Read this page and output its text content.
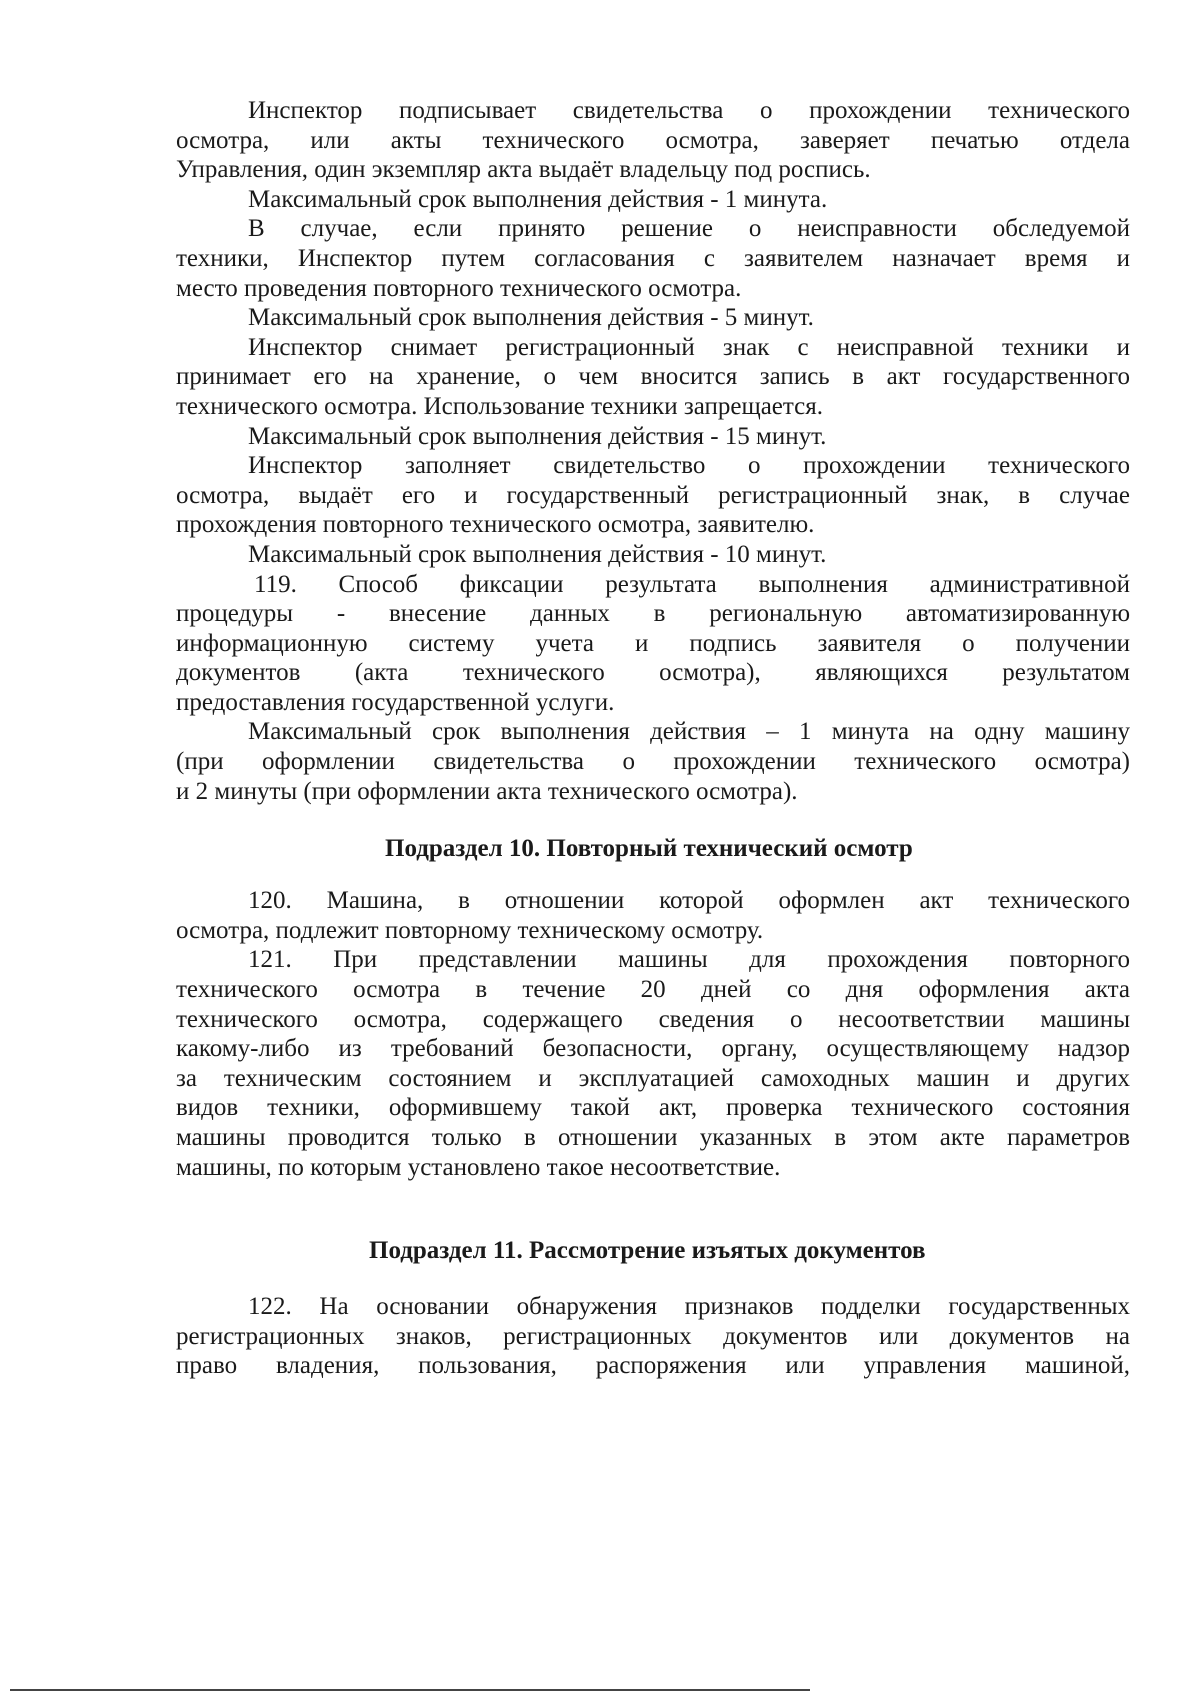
Инспектор подписывает свидетельства о прохождении технического
осмотра, или акты технического осмотра, заверяет печатью отдела
Управления, один экземпляр акта выдаёт владельцу под роспись.
Максимальный срок выполнения действия - 1 минута.
В случае, если принято решение о неисправности обследуемой
техники, Инспектор путем согласования с заявителем назначает время и
место проведения повторного технического осмотра.
Максимальный срок выполнения действия - 5 минут.
Инспектор снимает регистрационный знак с неисправной техники и
принимает его на хранение, о чем вносится запись в акт государственного
технического осмотра. Использование техники запрещается.
Максимальный срок выполнения действия - 15 минут.
Инспектор заполняет свидетельство о прохождении технического
осмотра, выдаёт его и государственный регистрационный знак, в случае
прохождения повторного технического осмотра, заявителю.
Максимальный срок выполнения действия - 10 минут.
119. Способ фиксации результата выполнения административной
процедуры - внесение данных в региональную автоматизированную
информационную систему учета и подпись заявителя о получении
документов (акта технического осмотра), являющихся результатом
предоставления государственной услуги.
Максимальный срок выполнения действия – 1 минута на одну машину
(при оформлении свидетельства о прохождении технического осмотра)
и 2 минуты (при оформлении акта технического осмотра).
Подраздел 10. Повторный технический осмотр
120. Машина, в отношении которой оформлен акт технического
осмотра, подлежит повторному техническому осмотру.
121. При представлении машины для прохождения повторного
технического осмотра в течение 20 дней со дня оформления акта
технического осмотра, содержащего сведения о несоответствии машины
какому-либо из требований безопасности, органу, осуществляющему надзор
за техническим состоянием и эксплуатацией самоходных машин и других
видов техники, оформившему такой акт, проверка технического состояния
машины проводится только в отношении указанных в этом акте параметров
машины, по которым установлено такое несоответствие.
Подраздел 11. Рассмотрение изъятых документов
122. На основании обнаружения признаков подделки государственных
регистрационных знаков, регистрационных документов или документов на
право владения, пользования, распоряжения или управления машиной,
